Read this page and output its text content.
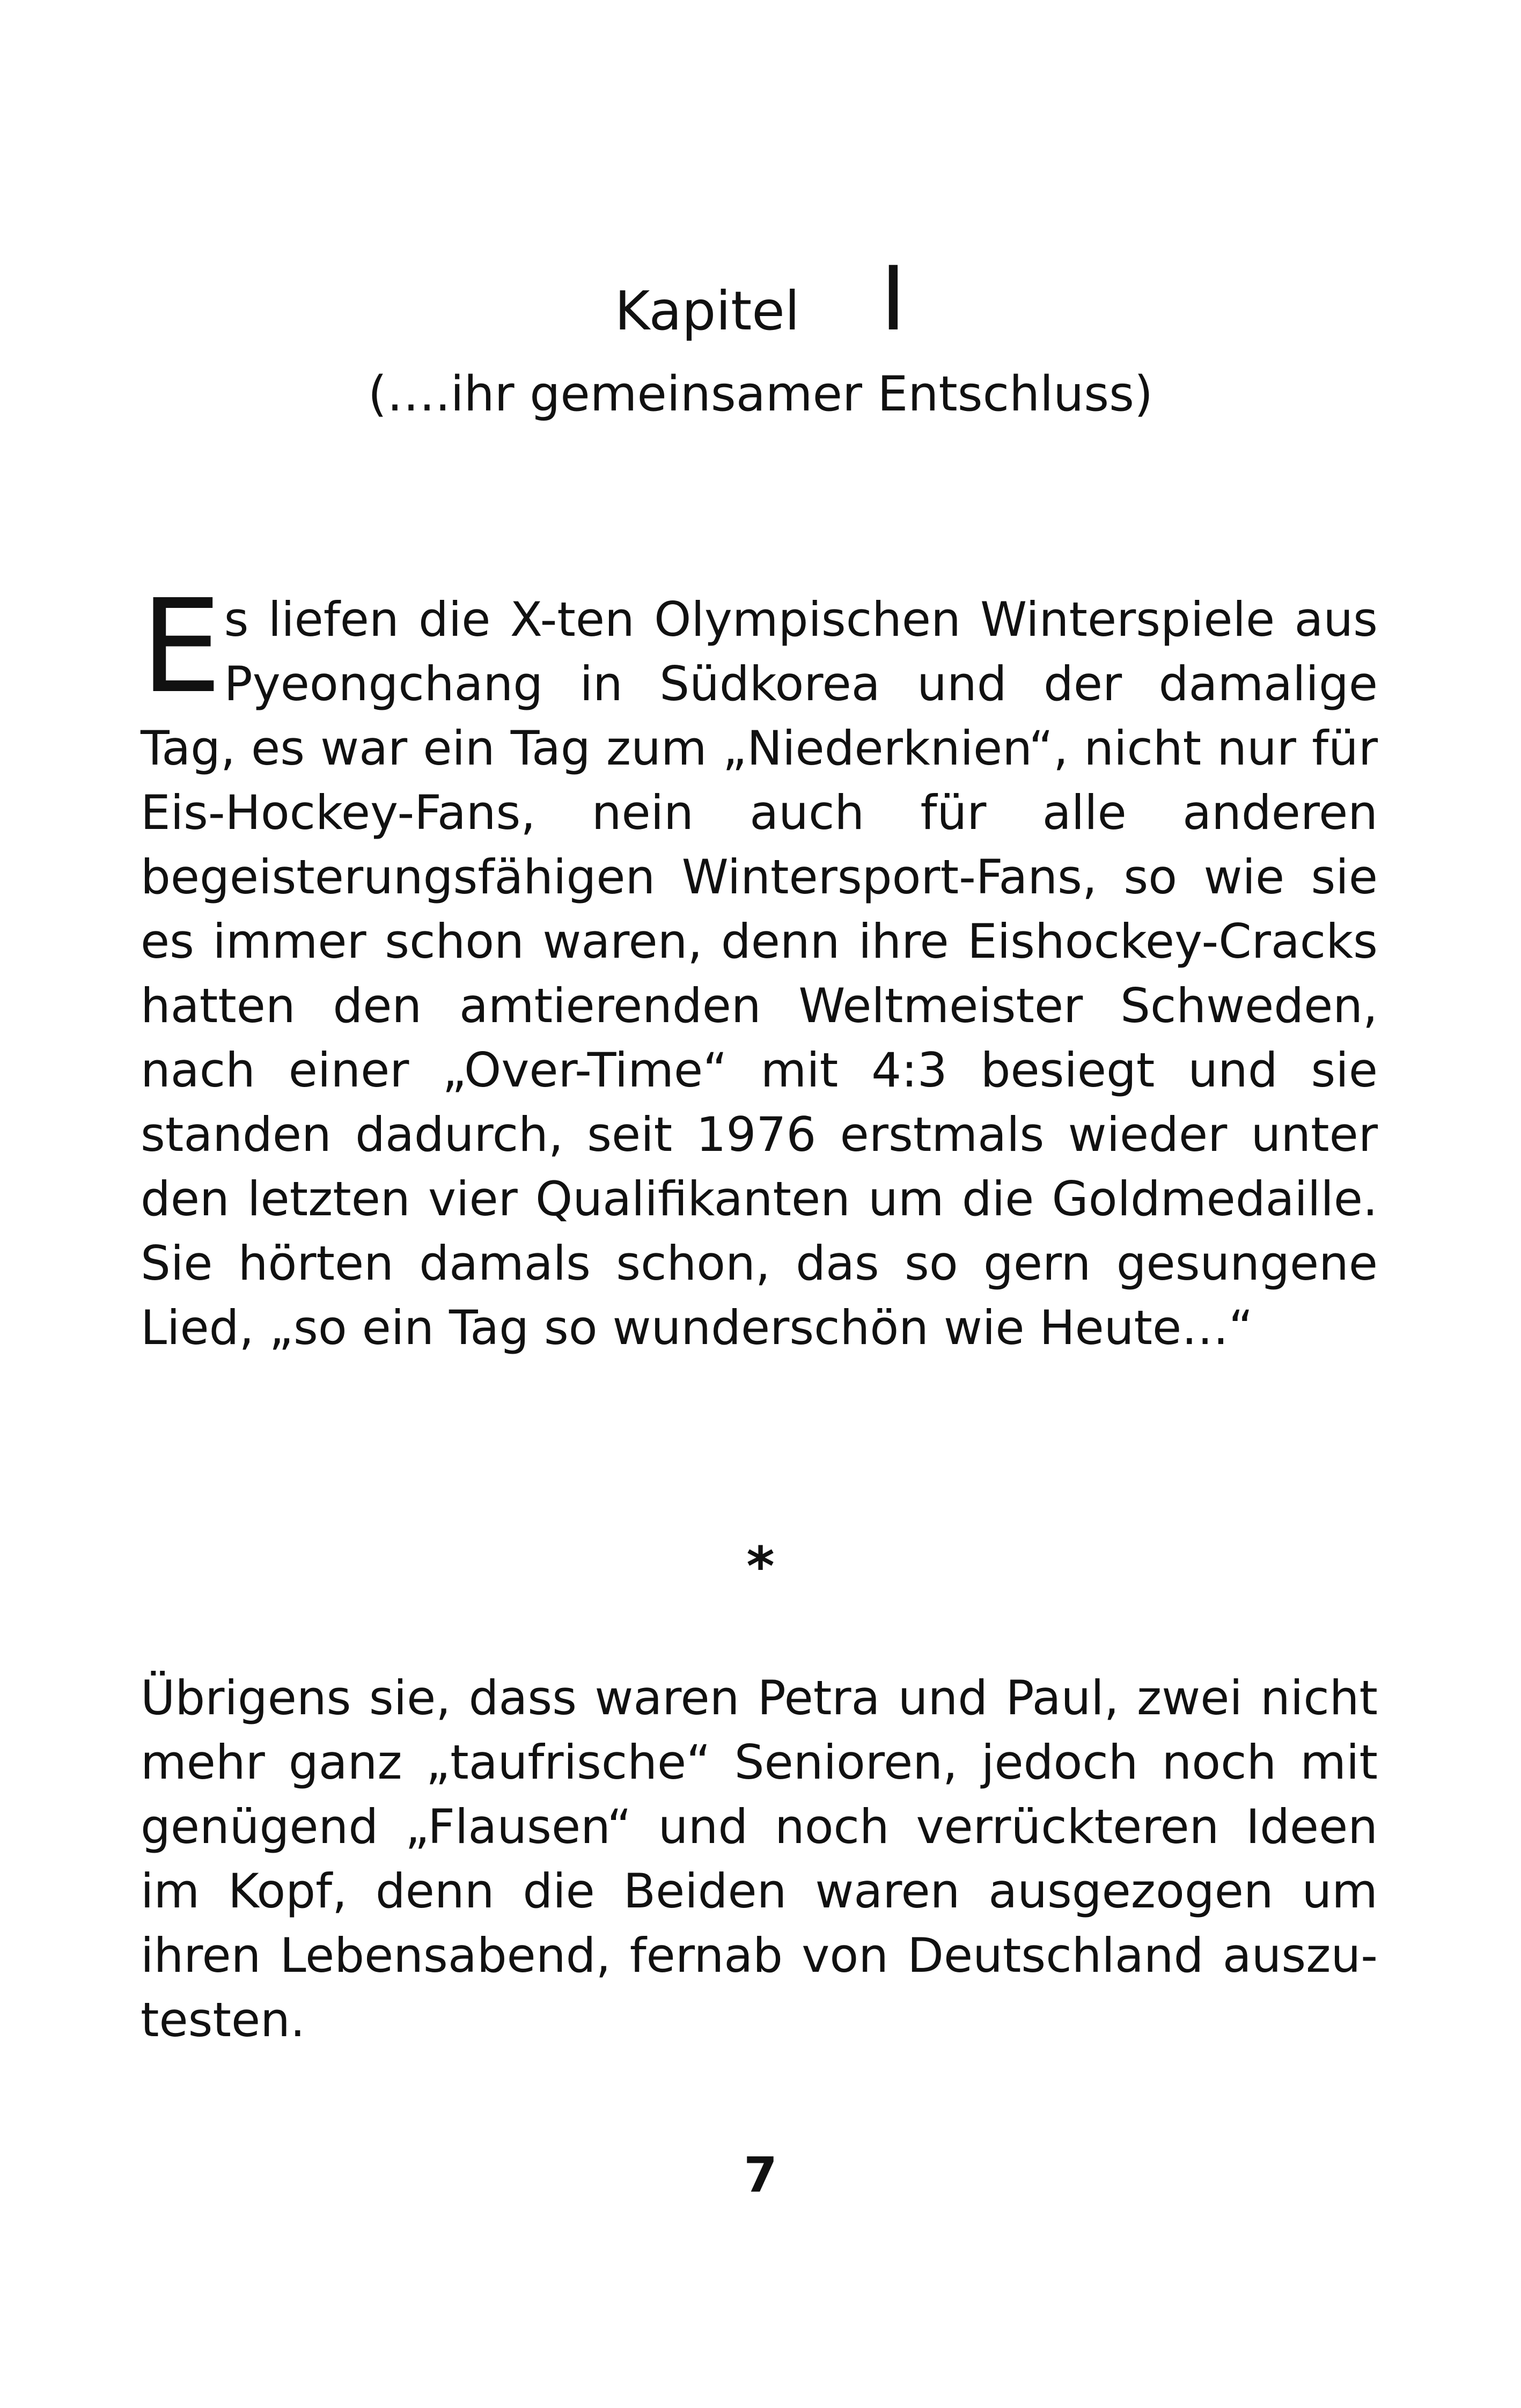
Kapitel I
(….ihr gemeinsamer Entschluss)

Es liefen die X-ten Olympischen Winterspiele aus Pyeongchang in Südkorea und der damalige Tag, es war ein Tag zum „Niederknien“, nicht nur für Eis-Hockey-Fans, nein auch für alle anderen begeisterungsfähigen Wintersport-Fans, so wie sie es immer schon waren, denn ihre Eishockey-Cracks hatten den amtierenden Weltmeister Schweden, nach einer „Over-Time“ mit 4:3 besiegt und sie standen dadurch, seit 1976 erstmals wieder unter den letzten vier Qualifikanten um die Goldmedaille. Sie hörten damals schon, das so gern gesungene Lied, „so ein Tag so wunderschön wie Heute…“

*

Übrigens sie, dass waren Petra und Paul, zwei nicht mehr ganz „taufrische“ Senioren, jedoch noch mit genügend „Flausen“ und noch verrückteren Ideen im Kopf, denn die Beiden waren ausgezogen um ihren Lebensabend, fernab von Deutschland auszutesten.

7
